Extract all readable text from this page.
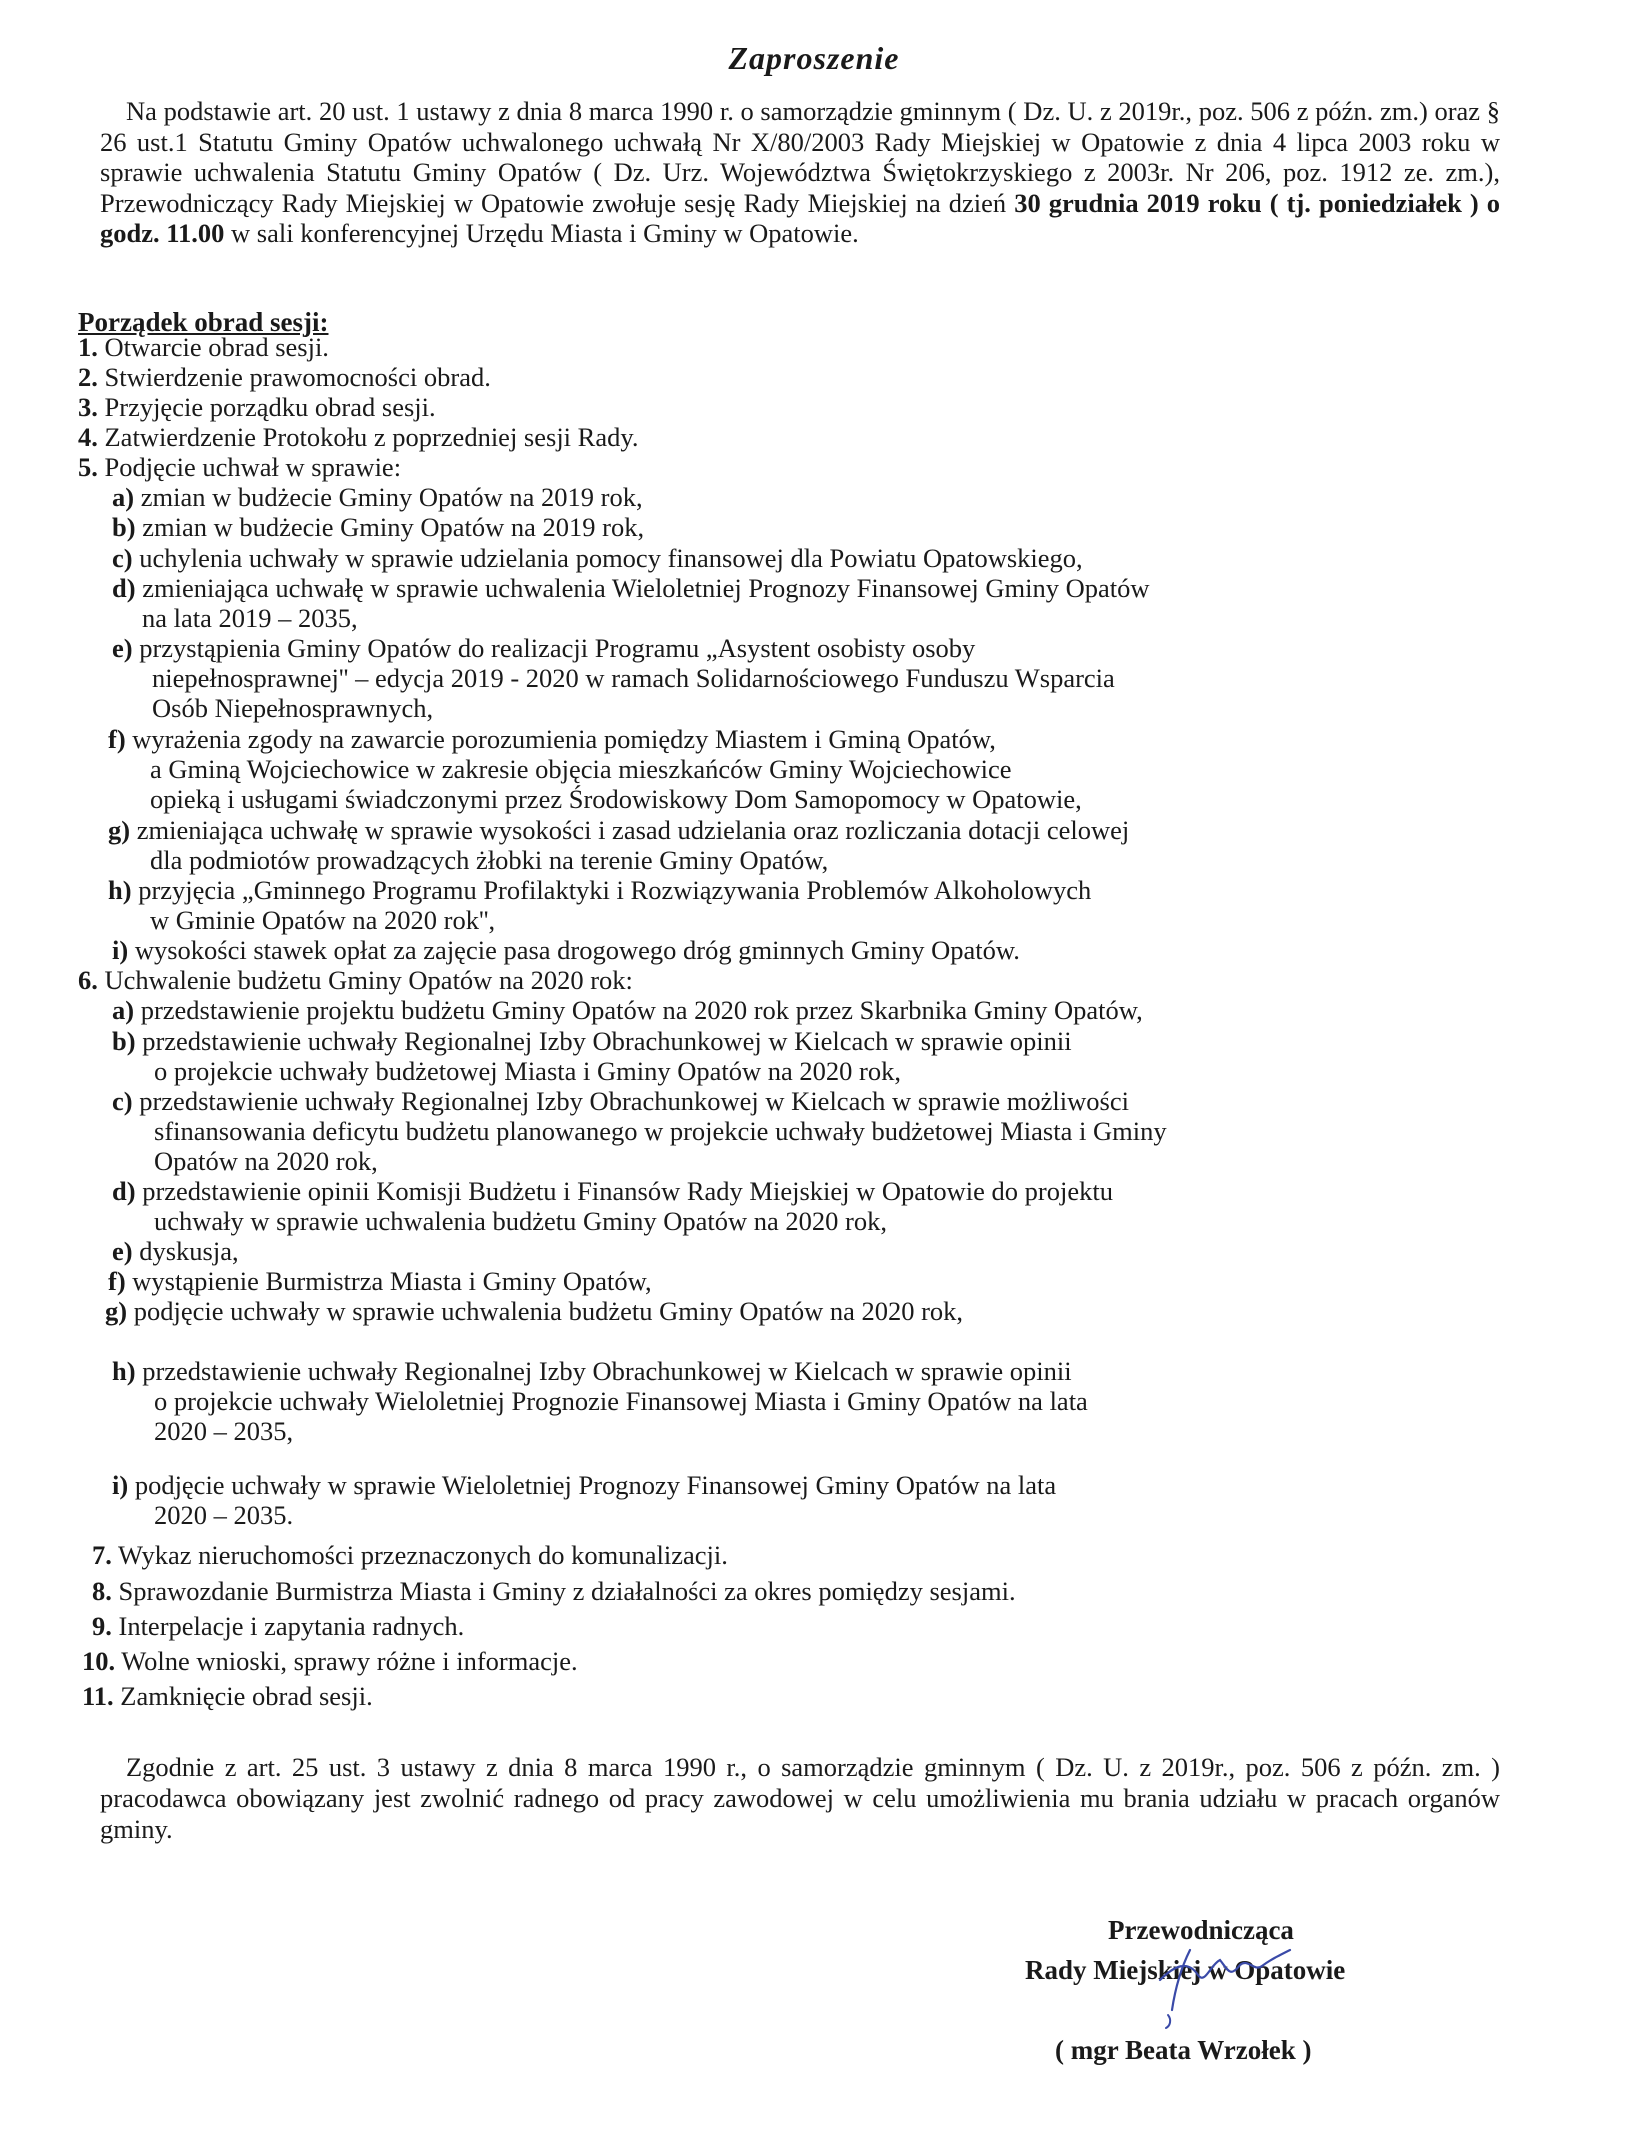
Zaproszenie

Na podstawie art. 20 ust. 1 ustawy z dnia 8 marca 1990 r. o samorządzie gminnym ( Dz. U. z 2019r., poz. 506 z późn. zm.) oraz § 26 ust.1 Statutu Gminy Opatów uchwalonego uchwałą Nr X/80/2003 Rady Miejskiej w Opatowie z dnia 4 lipca 2003 roku w sprawie uchwalenia Statutu Gminy Opatów ( Dz. Urz. Województwa Świętokrzyskiego z 2003r. Nr 206, poz. 1912 ze. zm.), Przewodniczący Rady Miejskiej w Opatowie zwołuje sesję Rady Miejskiej na dzień 30 grudnia 2019 roku ( tj. poniedziałek ) o godz. 11.00 w sali konferencyjnej Urzędu Miasta i Gminy w Opatowie.

Porządek obrad sesji:

1. Otwarcie obrad sesji.

2. Stwierdzenie prawomocności obrad.

3. Przyjęcie porządku obrad sesji.

4. Zatwierdzenie Protokołu z poprzedniej sesji Rady.

5. Podjęcie uchwał w sprawie:

a) zmian w budżecie Gminy Opatów na 2019 rok,

b) zmian w budżecie Gminy Opatów na 2019 rok,

c) uchylenia uchwały w sprawie udzielania pomocy finansowej dla Powiatu Opatowskiego,

d) zmieniająca uchwałę w sprawie uchwalenia Wieloletniej Prognozy Finansowej Gminy Opatów

na lata 2019 – 2035,

e) przystąpienia Gminy Opatów do realizacji Programu „Asystent osobisty osoby

niepełnosprawnej'' – edycja 2019 - 2020 w ramach Solidarnościowego Funduszu Wsparcia

Osób Niepełnosprawnych,

f) wyrażenia zgody na zawarcie porozumienia pomiędzy Miastem i Gminą Opatów,

a Gminą Wojciechowice w zakresie objęcia mieszkańców Gminy Wojciechowice

opieką i usługami świadczonymi przez Środowiskowy Dom Samopomocy w Opatowie,

g) zmieniająca uchwałę w sprawie wysokości i zasad udzielania oraz rozliczania dotacji celowej

dla podmiotów prowadzących żłobki na terenie Gminy Opatów,

h) przyjęcia „Gminnego Programu Profilaktyki i Rozwiązywania Problemów Alkoholowych

w Gminie Opatów na 2020 rok'',

i) wysokości stawek opłat za zajęcie pasa drogowego dróg gminnych Gminy Opatów.

6. Uchwalenie budżetu Gminy Opatów na 2020 rok:

a) przedstawienie projektu budżetu Gminy Opatów na 2020 rok przez Skarbnika Gminy Opatów,

b) przedstawienie uchwały Regionalnej Izby Obrachunkowej w Kielcach w sprawie opinii

o projekcie uchwały budżetowej Miasta i Gminy Opatów na 2020 rok,

c) przedstawienie uchwały Regionalnej Izby Obrachunkowej w Kielcach w sprawie możliwości

sfinansowania deficytu budżetu planowanego w projekcie uchwały budżetowej Miasta i Gminy

Opatów na 2020 rok,

d) przedstawienie opinii Komisji Budżetu i Finansów Rady Miejskiej w Opatowie do projektu

uchwały w sprawie uchwalenia budżetu Gminy Opatów na 2020 rok,

e) dyskusja,

f) wystąpienie Burmistrza Miasta i Gminy Opatów,

g) podjęcie uchwały w sprawie uchwalenia budżetu Gminy Opatów na 2020 rok,

h) przedstawienie uchwały Regionalnej Izby Obrachunkowej w Kielcach w sprawie opinii

o projekcie uchwały Wieloletniej Prognozie Finansowej Miasta i Gminy Opatów na lata

2020 – 2035,

i) podjęcie uchwały w sprawie Wieloletniej Prognozy Finansowej Gminy Opatów na lata

2020 – 2035.

7. Wykaz nieruchomości przeznaczonych do komunalizacji.

8. Sprawozdanie Burmistrza Miasta i Gminy z działalności za okres pomiędzy sesjami.

9. Interpelacje i zapytania radnych.

10. Wolne wnioski, sprawy różne i informacje.

11. Zamknięcie obrad sesji.

Zgodnie z art. 25 ust. 3 ustawy z dnia 8 marca 1990 r., o samorządzie gminnym ( Dz. U. z 2019r., poz. 506 z późn. zm. ) pracodawca obowiązany jest zwolnić radnego od pracy zawodowej w celu umożliwienia mu brania udziału w pracach organów gminy.

Przewodnicząca

Rady Miejskiej w Opatowie

( mgr Beata Wrzołek )
